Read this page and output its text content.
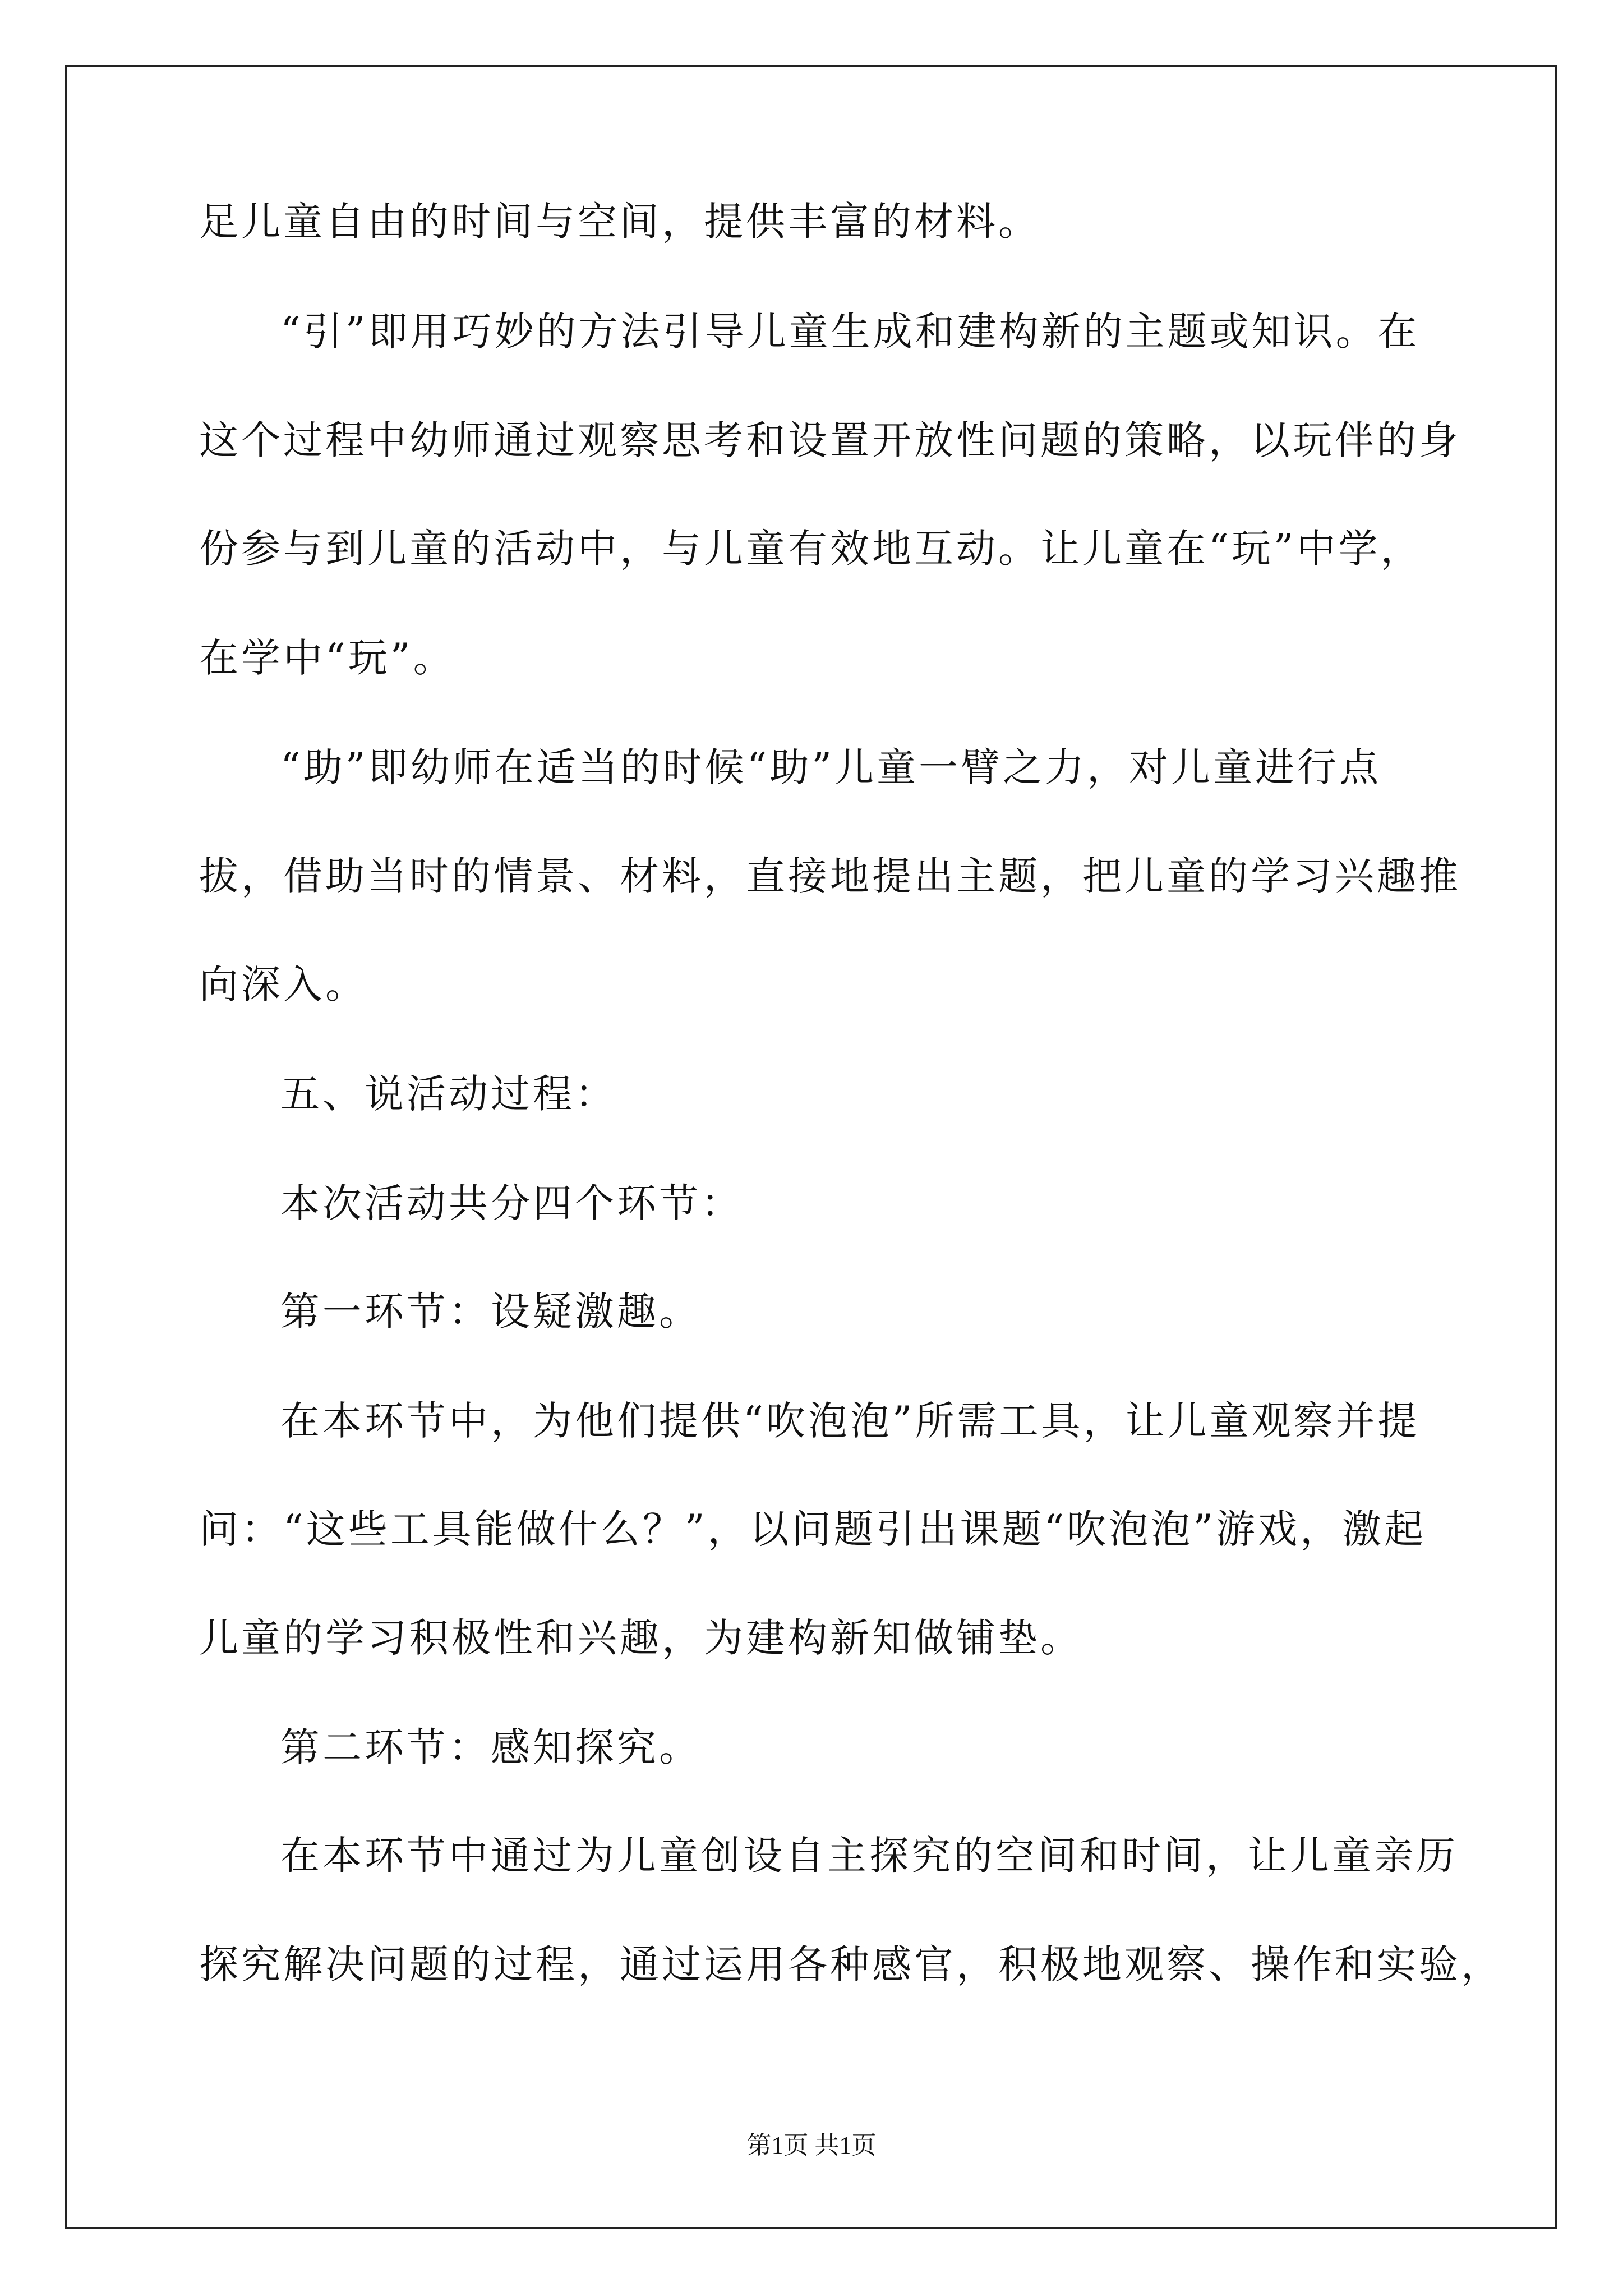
足儿童自由的时间与空间，提供丰富的材料。
“引”即用巧妙的方法引导儿童生成和建构新的主题或知识。在
这个过程中幼师通过观察思考和设置开放性问题的策略，以玩伴的身
份参与到儿童的活动中，与儿童有效地互动。让儿童在“玩”中学，
在学中“玩”。
“助”即幼师在适当的时候“助”儿童一臂之力，对儿童进行点
拔，借助当时的情景、材料，直接地提出主题，把儿童的学习兴趣推
向深入。
五、说活动过程：
本次活动共分四个环节：
第一环节：设疑激趣。
在本环节中，为他们提供“吹泡泡”所需工具，让儿童观察并提
问：“这些工具能做什么？”，以问题引出课题“吹泡泡”游戏，激起
儿童的学习积极性和兴趣，为建构新知做铺垫。
第二环节：感知探究。
在本环节中通过为儿童创设自主探究的空间和时间，让儿童亲历
探究解决问题的过程，通过运用各种感官，积极地观察、操作和实验，
第1页 共1页
